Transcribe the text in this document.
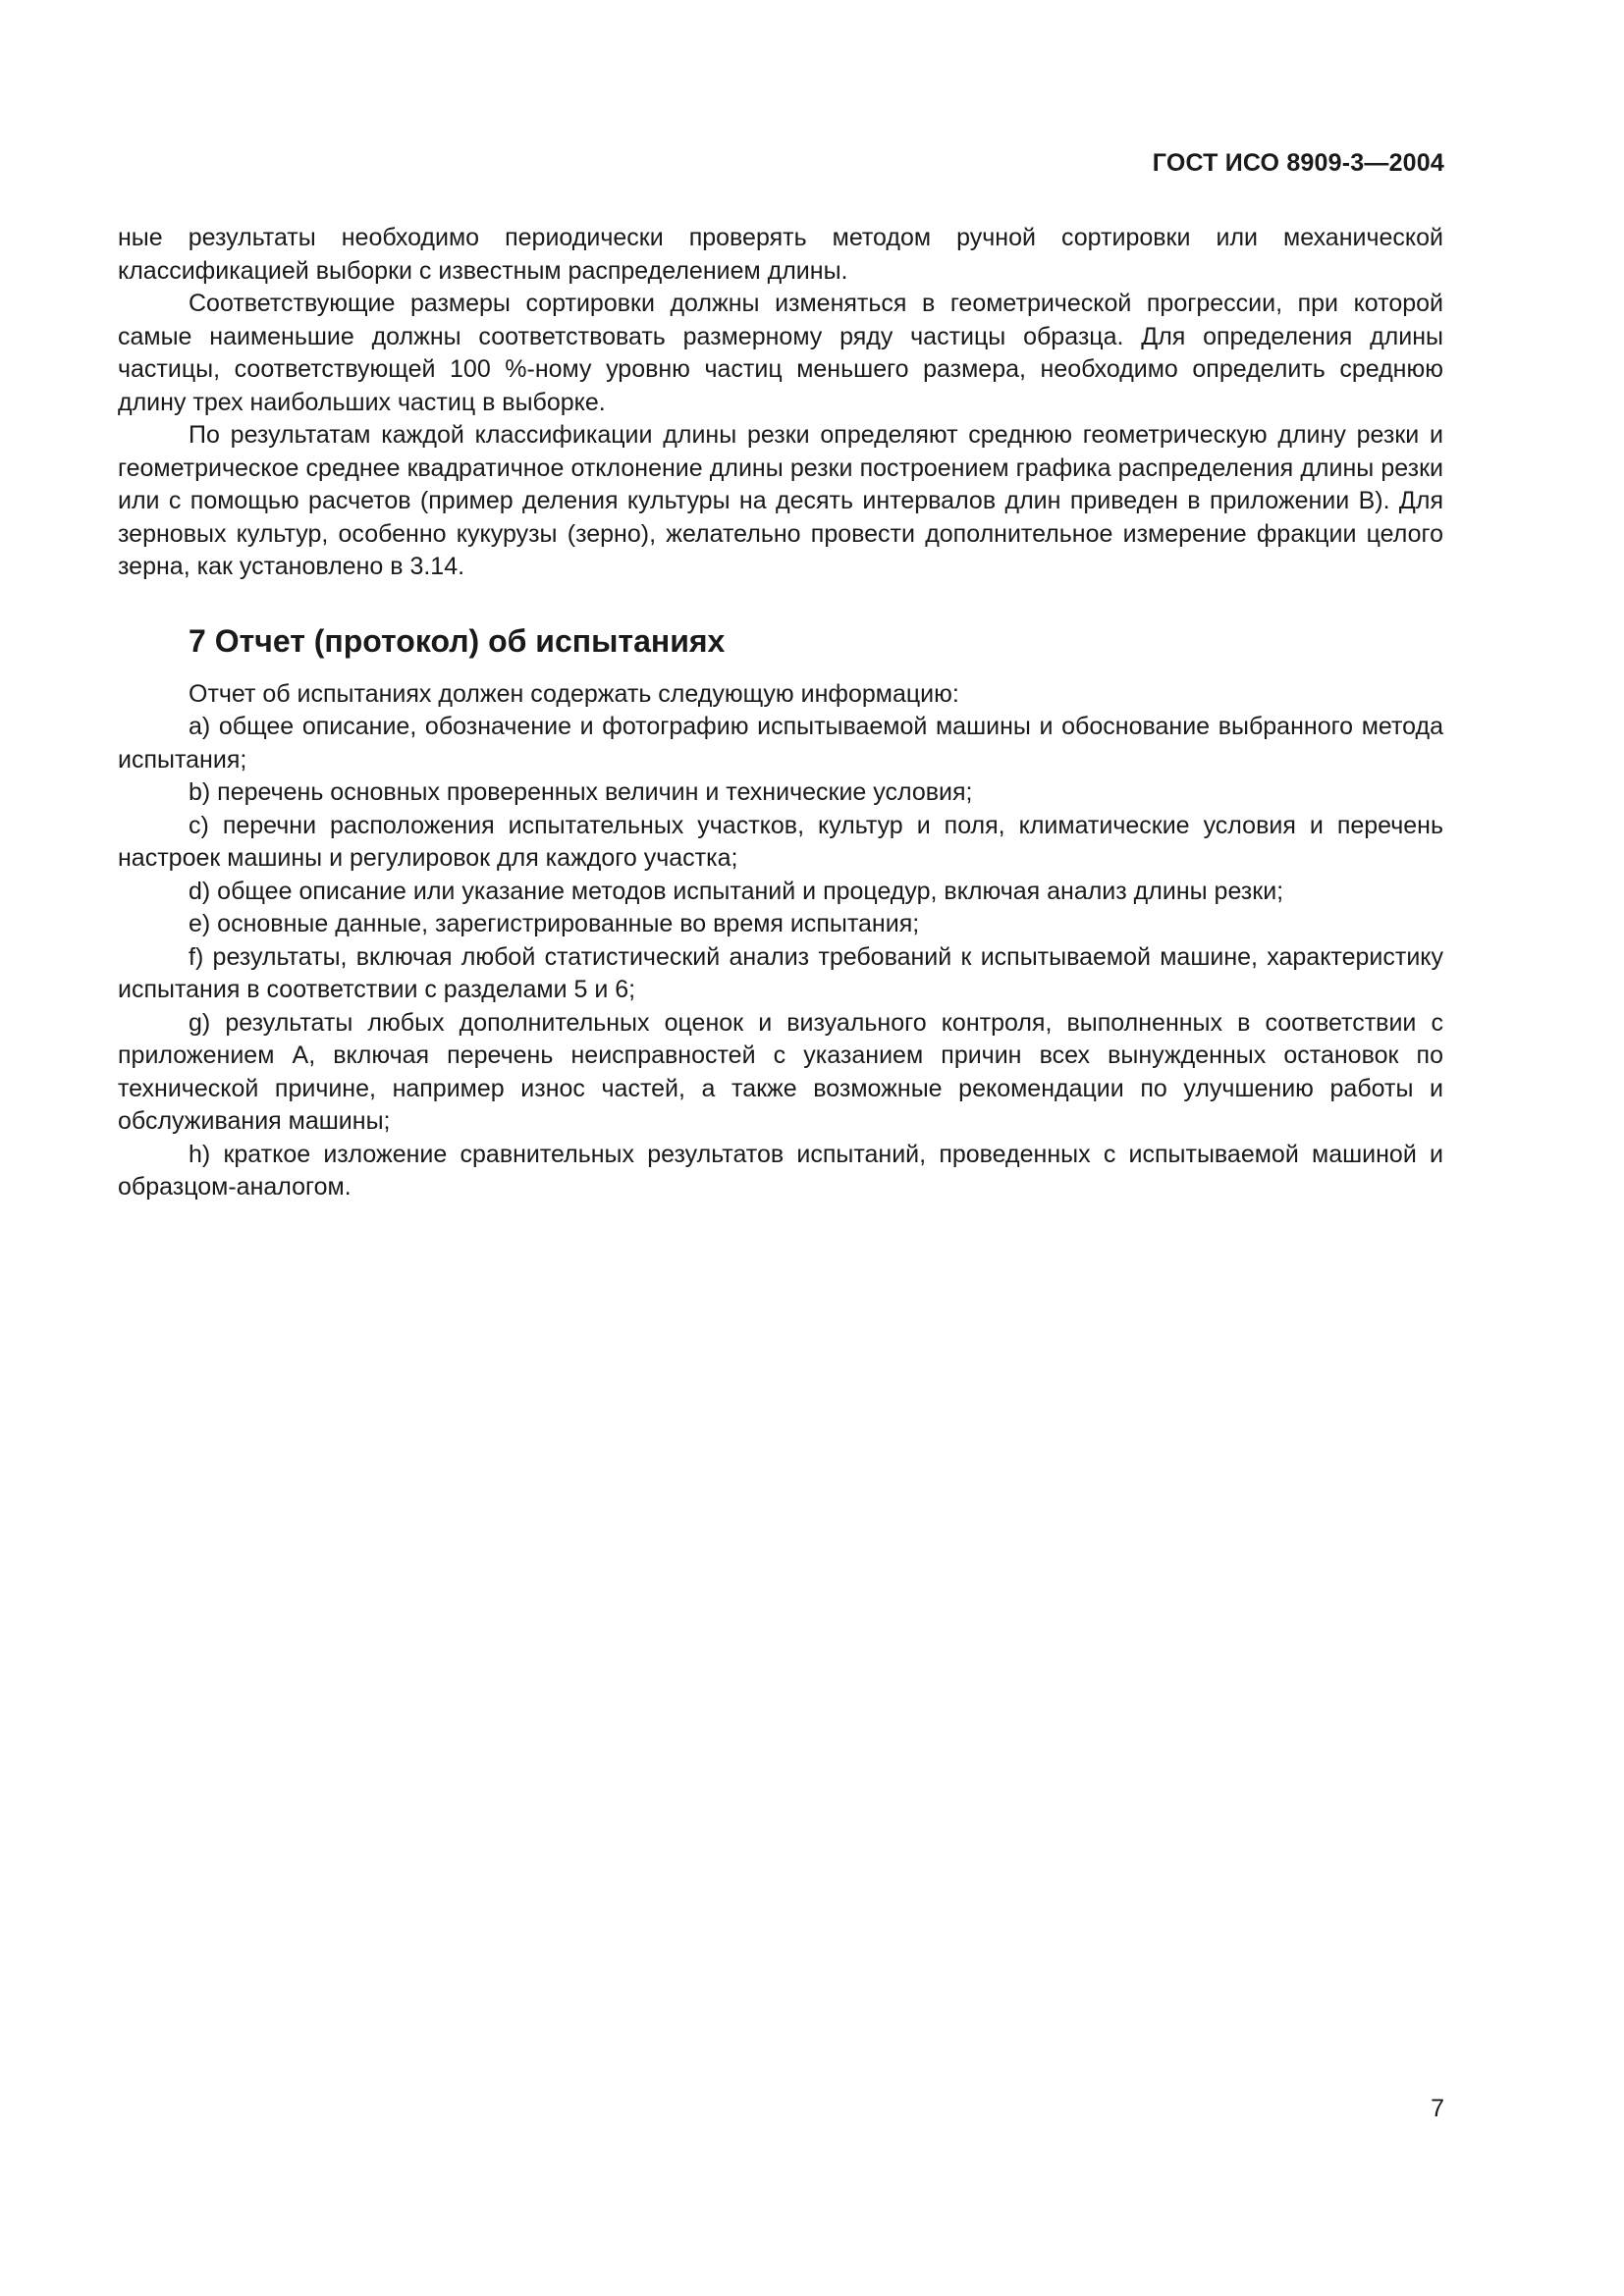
ГОСТ ИСО 8909-3—2004

ные результаты необходимо периодически проверять методом ручной сортировки или механической классификацией выборки с известным распределением длины.

Соответствующие размеры сортировки должны изменяться в геометрической прогрессии, при которой самые наименьшие должны соответствовать размерному ряду частицы образца. Для определения длины частицы, соответствующей 100 %-ному уровню частиц меньшего размера, необходимо определить среднюю длину трех наибольших частиц в выборке.

По результатам каждой классификации длины резки определяют среднюю геометрическую длину резки и геометрическое среднее квадратичное отклонение длины резки построением графика распределения длины резки или с помощью расчетов (пример деления культуры на десять интервалов длин приведен в приложении В). Для зерновых культур, особенно кукурузы (зерно), желательно провести дополнительное измерение фракции целого зерна, как установлено в 3.14.

7 Отчет (протокол) об испытаниях

Отчет об испытаниях должен содержать следующую информацию:

a) общее описание, обозначение и фотографию испытываемой машины и обоснование выбранного метода испытания;

b) перечень основных проверенных величин и технические условия;

c) перечни расположения испытательных участков, культур и поля, климатические условия и перечень настроек машины и регулировок для каждого участка;

d) общее описание или указание методов испытаний и процедур, включая анализ длины резки;

e) основные данные, зарегистрированные во время испытания;

f) результаты, включая любой статистический анализ требований к испытываемой машине, характеристику испытания в соответствии с разделами 5 и 6;

g) результаты любых дополнительных оценок и визуального контроля, выполненных в соответствии с приложением А, включая перечень неисправностей с указанием причин всех вынужденных остановок по технической причине, например износ частей, а также возможные рекомендации по улучшению работы и обслуживания машины;

h) краткое изложение сравнительных результатов испытаний, проведенных с испытываемой машиной и образцом-аналогом.

7
